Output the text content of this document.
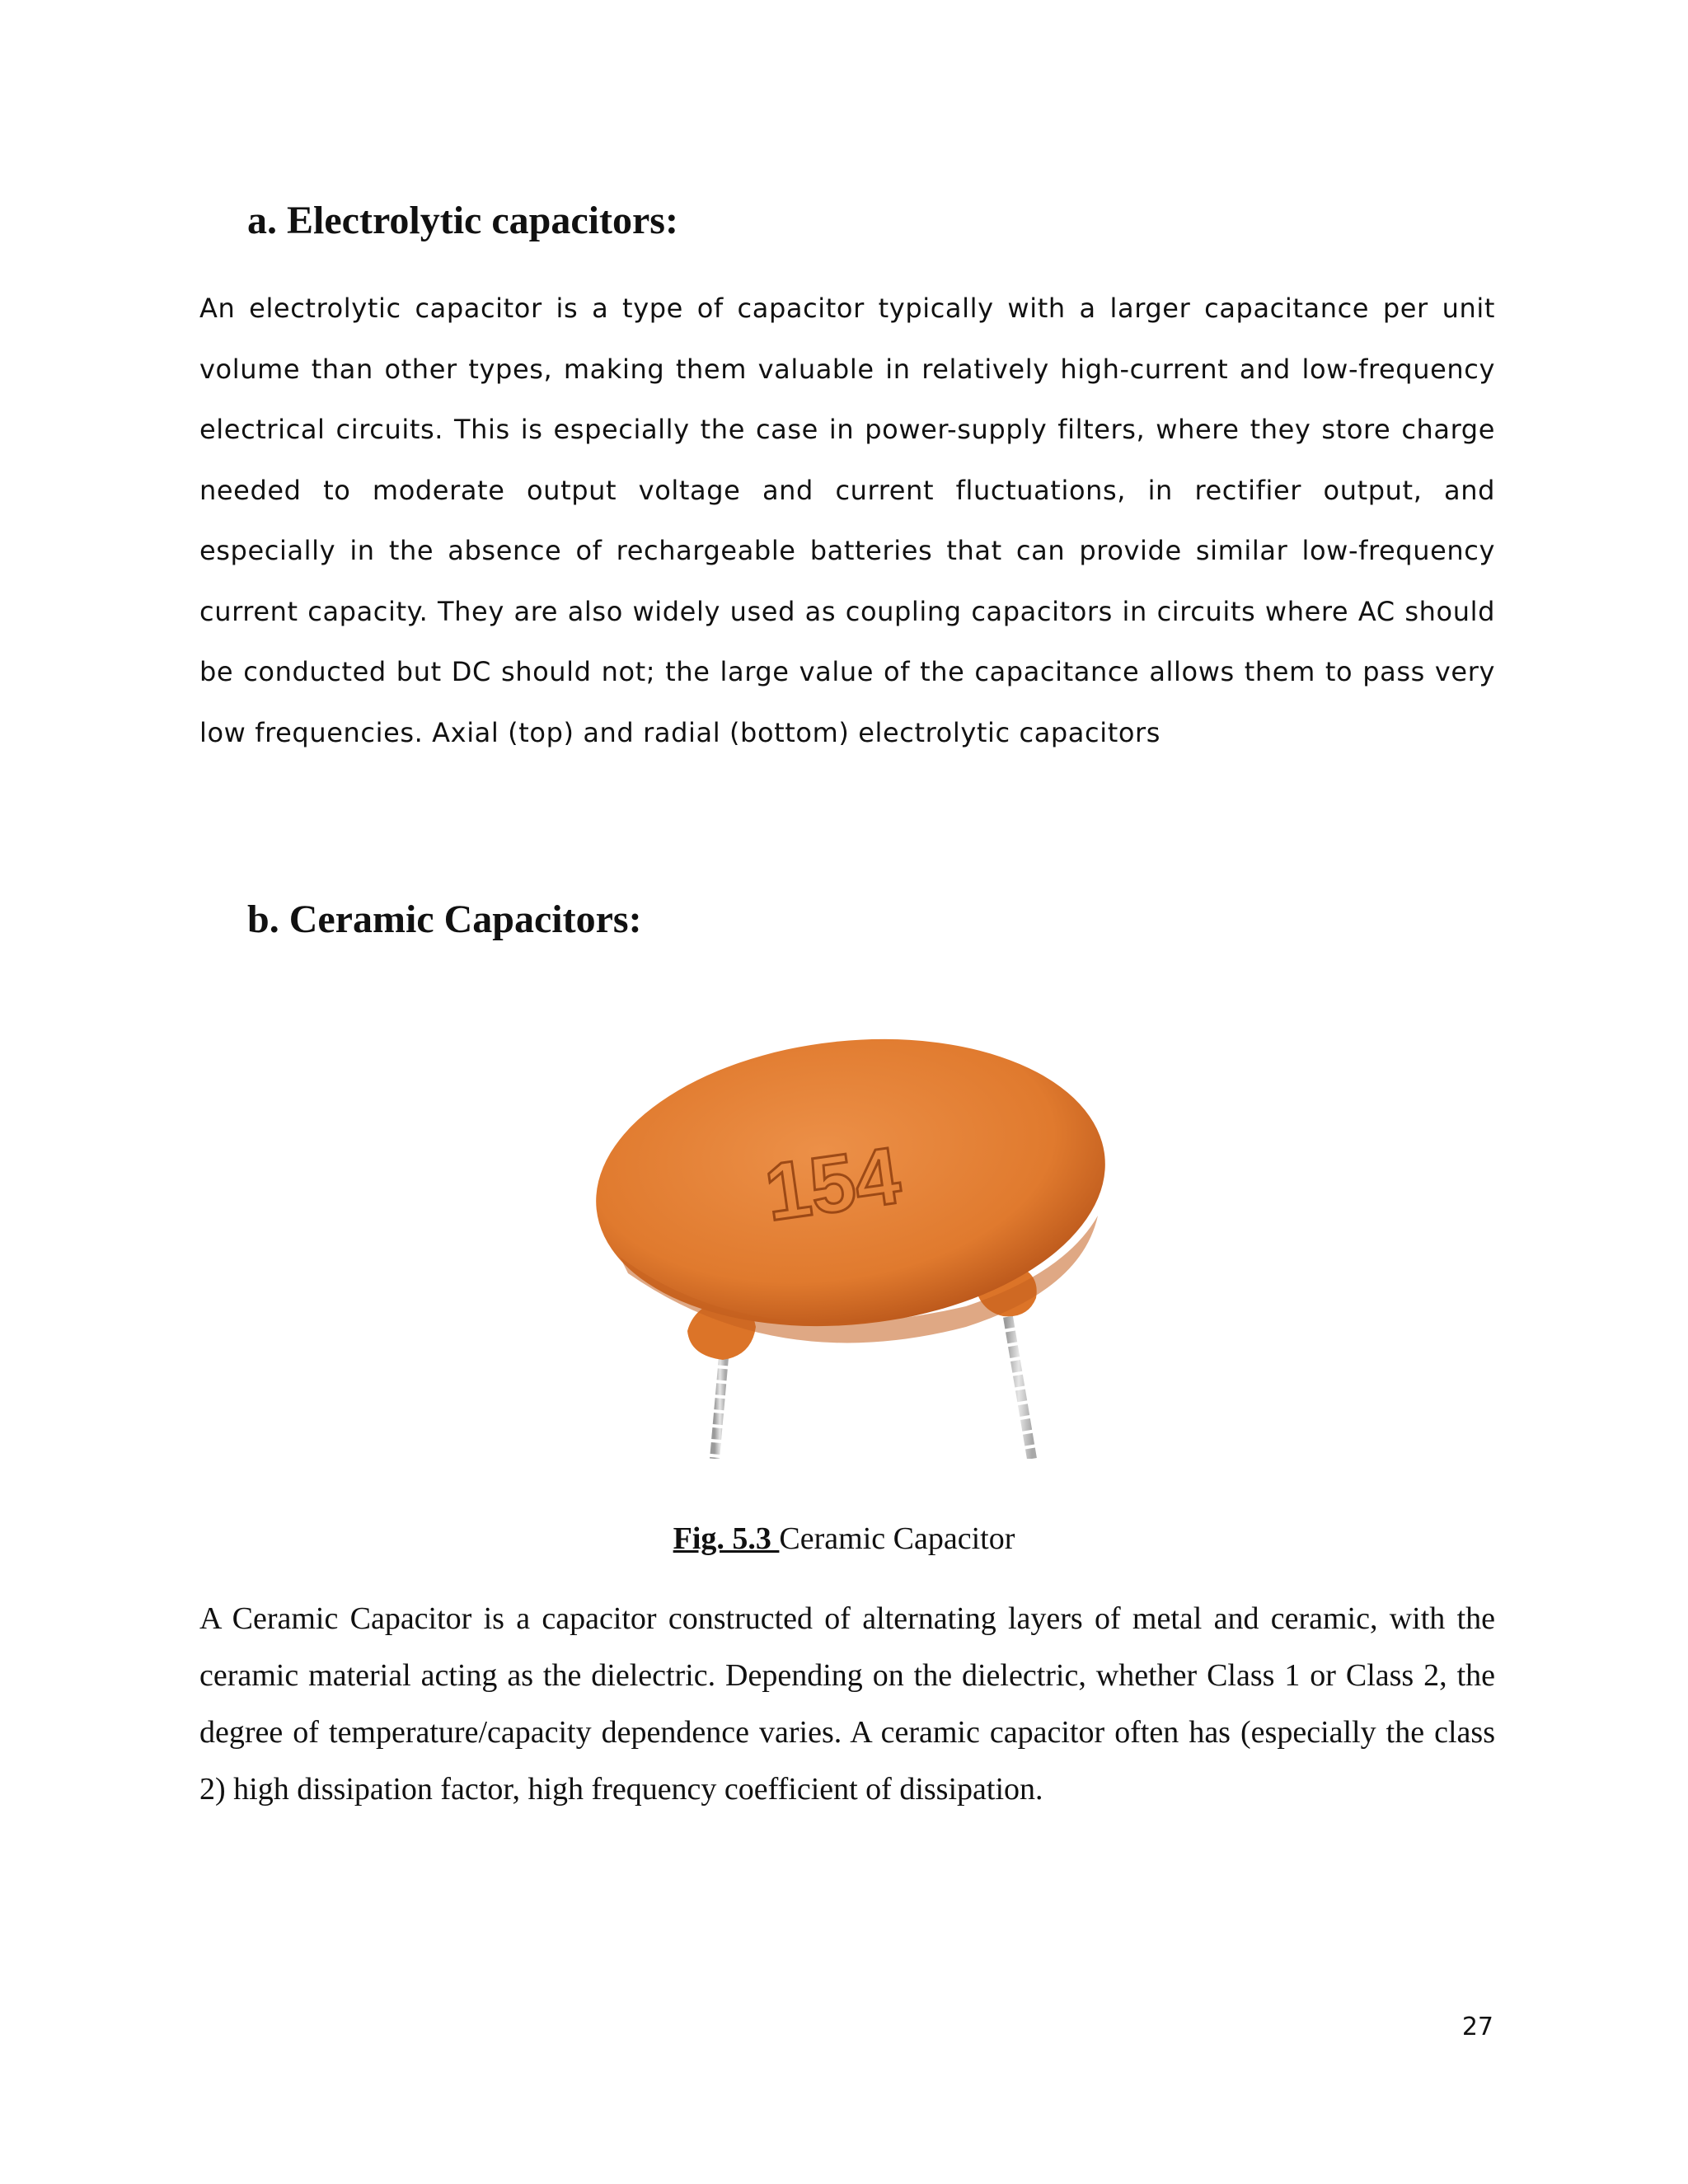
a. Electrolytic capacitors:

An electrolytic capacitor is a type of capacitor typically with a larger capacitance per unit volume than other types, making them valuable in relatively high-current and low-frequency electrical circuits. This is especially the case in power-supply filters, where they store charge needed to moderate output voltage and current fluctuations, in rectifier output, and especially in the absence of rechargeable batteries that can provide similar low-frequency current capacity. They are also widely used as coupling capacitors in circuits where AC should be conducted but DC should not; the large value of the capacitance allows them to pass very low frequencies. Axial (top) and radial (bottom) electrolytic capacitors

b. Ceramic Capacitors:
154

Fig. 5.3 Ceramic Capacitor

A Ceramic Capacitor is a capacitor constructed of alternating layers of metal and ceramic, with the ceramic material acting as the dielectric. Depending on the dielectric, whether Class 1 or Class 2, the degree of temperature/capacity dependence varies. A ceramic capacitor often has (especially the class 2) high dissipation factor, high frequency coefficient of dissipation.

27
